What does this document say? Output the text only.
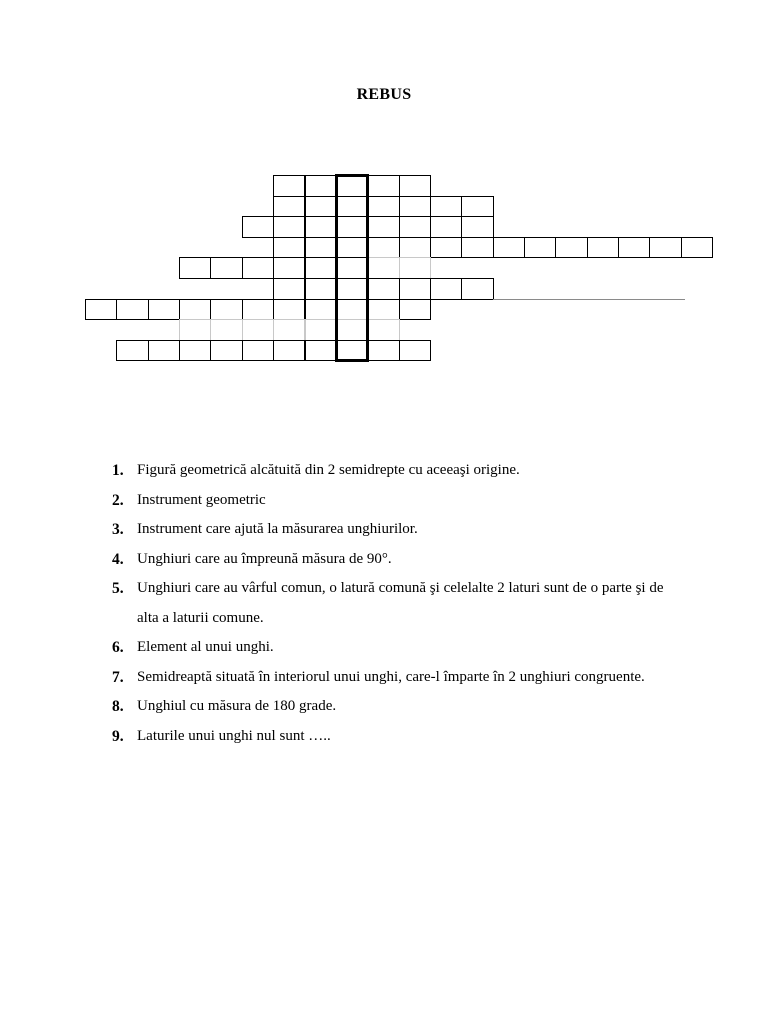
REBUS
1. Figură geometrică alcătuită din 2 semidrepte cu aceeaşi origine.
2. Instrument geometric
3. Instrument care ajută la măsurarea unghiurilor.
4. Unghiuri care au împreună măsura de 90°.
5. Unghiuri care au vârful comun, o latură comună şi celelalte 2 laturi sunt de o parte şi de alta a laturii comune.
6. Element al unui unghi.
7. Semidreaptă situată în interiorul unui unghi, care-l împarte în 2 unghiuri congruente.
8. Unghiul cu măsura de 180 grade.
9. Laturile unui unghi nul sunt …..
